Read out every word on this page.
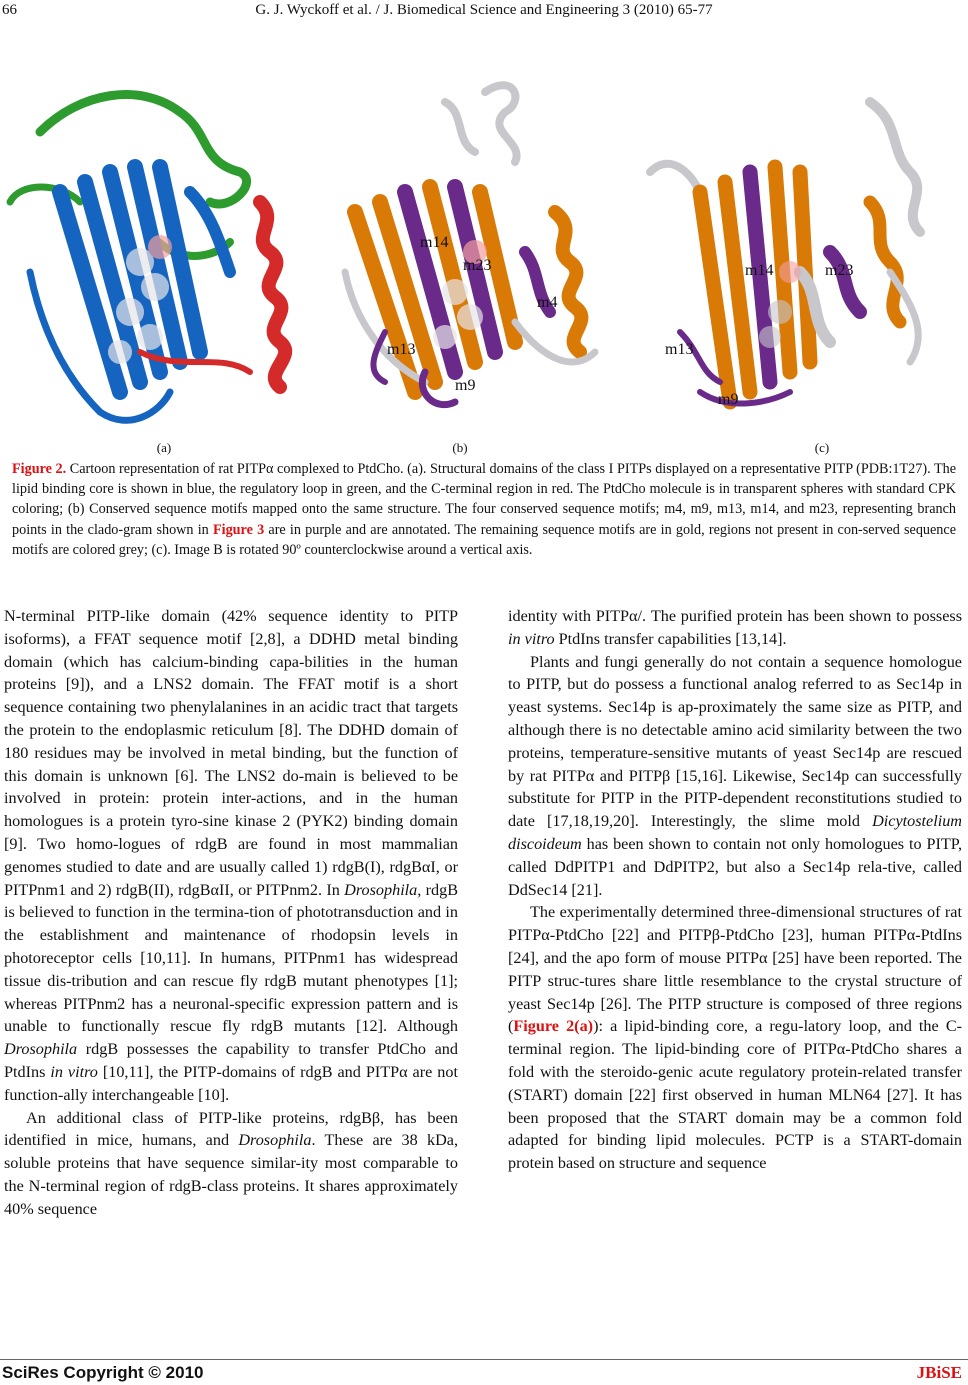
66	G. J. Wyckoff et al. / J. Biomedical Science and Engineering 3 (2010) 65-77
m14
m23
m4
m13
m9
m14	m23
m13
m9
(a)	(b)	(c)
Figure 2. Cartoon representation of rat PITPα complexed to PtdCho. (a). Structural domains of the class I PITPs displayed on a representative PITP (PDB:1T27). The lipid binding core is shown in blue, the regulatory loop in green, and the C-terminal region in red. The PtdCho molecule is in transparent spheres with standard CPK coloring; (b) Conserved sequence motifs mapped onto the same structure. The four conserved sequence motifs; m4, m9, m13, m14, and m23, representing branch points in the clado-gram shown in Figure 3 are in purple and are annotated. The remaining sequence motifs are in gold, regions not present in con-served sequence motifs are colored grey; (c). Image B is rotated 90º counterclockwise around a vertical axis.

N-terminal PITP-like domain (42% sequence identity to PITP isoforms), a FFAT sequence motif [2,8], a DDHD metal binding domain (which has calcium-binding capa-bilities in the human proteins [9]), and a LNS2 domain. The FFAT motif is a short sequence containing two phenylalanines in an acidic tract that targets the protein to the endoplasmic reticulum [8]. The DDHD domain of 180 residues may be involved in metal binding, but the function of this domain is unknown [6]. The LNS2 do-main is believed to be involved in protein: protein inter-actions, and in the human homologues is a protein tyro-sine kinase 2 (PYK2) binding domain [9]. Two homo-logues of rdgB are found in most mammalian genomes studied to date and are usually called 1) rdgB(I), rdgBαI, or PITPnm1 and 2) rdgB(II), rdgBαII, or PITPnm2. In Drosophila, rdgB is believed to function in the termina-tion of phototransduction and in the establishment and maintenance of rhodopsin levels in photoreceptor cells [10,11]. In humans, PITPnm1 has widespread tissue dis-tribution and can rescue fly rdgB mutant phenotypes [1]; whereas PITPnm2 has a neuronal-specific expression pattern and is unable to functionally rescue fly rdgB mutants [12]. Although Drosophila rdgB possesses the capability to transfer PtdCho and PtdIns in vitro [10,11], the PITP-domains of rdgB and PITPα are not function-ally interchangeable [10].

An additional class of PITP-like proteins, rdgBβ, has been identified in mice, humans, and Drosophila. These are 38 kDa, soluble proteins that have sequence similar-ity most comparable to the N-terminal region of rdgB-class proteins. It shares approximately 40% sequence

identity with PITPα/. The purified protein has been shown to possess in vitro PtdIns transfer capabilities [13,14].

Plants and fungi generally do not contain a sequence homologue to PITP, but do possess a functional analog referred to as Sec14p in yeast systems. Sec14p is ap-proximately the same size as PITP, and although there is no detectable amino acid similarity between the two proteins, temperature-sensitive mutants of yeast Sec14p are rescued by rat PITPα and PITPβ [15,16]. Likewise, Sec14p can successfully substitute for PITP in the PITP-dependent reconstitutions studied to date [17,18,19,20]. Interestingly, the slime mold Dicytostelium discoideum has been shown to contain not only homologues to PITP, called DdPITP1 and DdPITP2, but also a Sec14p rela-tive, called DdSec14 [21].

The experimentally determined three-dimensional structures of rat PITPα-PtdCho [22] and PITPβ-PtdCho [23], human PITPα-PtdIns [24], and the apo form of mouse PITPα [25] have been reported. The PITP struc-tures share little resemblance to the crystal structure of yeast Sec14p [26]. The PITP structure is composed of three regions (Figure 2(a)): a lipid-binding core, a regu-latory loop, and the C-terminal region. The lipid-binding core of PITPα-PtdCho shares a fold with the steroido-genic acute regulatory protein-related transfer (START) domain [22] first observed in human MLN64 [27]. It has been proposed that the START domain may be a common fold adapted for binding lipid molecules. PCTP is a START-domain protein based on structure and sequence

SciRes Copyright © 2010	JBiSE
